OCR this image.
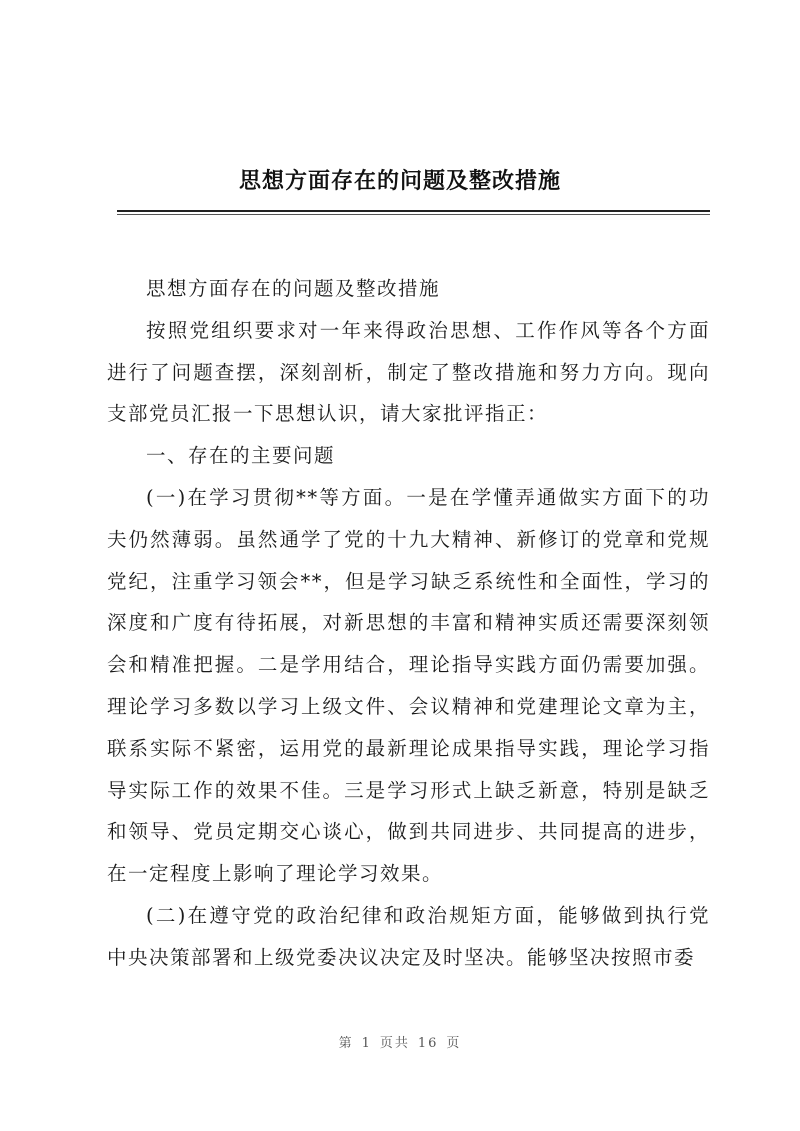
思想方面存在的问题及整改措施

思想方面存在的问题及整改措施

按照党组织要求对一年来得政治思想、工作作风等各个方面进行了问题查摆，深刻剖析，制定了整改措施和努力方向。现向支部党员汇报一下思想认识，请大家批评指正：

一、存在的主要问题

(一)在学习贯彻**等方面。一是在学懂弄通做实方面下的功夫仍然薄弱。虽然通学了党的十九大精神、新修订的党章和党规党纪，注重学习领会**，但是学习缺乏系统性和全面性，学习的深度和广度有待拓展，对新思想的丰富和精神实质还需要深刻领会和精准把握。二是学用结合，理论指导实践方面仍需要加强。理论学习多数以学习上级文件、会议精神和党建理论文章为主，联系实际不紧密，运用党的最新理论成果指导实践，理论学习指导实际工作的效果不佳。三是学习形式上缺乏新意，特别是缺乏和领导、党员定期交心谈心，做到共同进步、共同提高的进步，在一定程度上影响了理论学习效果。

(二)在遵守党的政治纪律和政治规矩方面，能够做到执行党中央决策部署和上级党委决议决定及时坚决。能够坚决按照市委

第 1 页共 16 页
